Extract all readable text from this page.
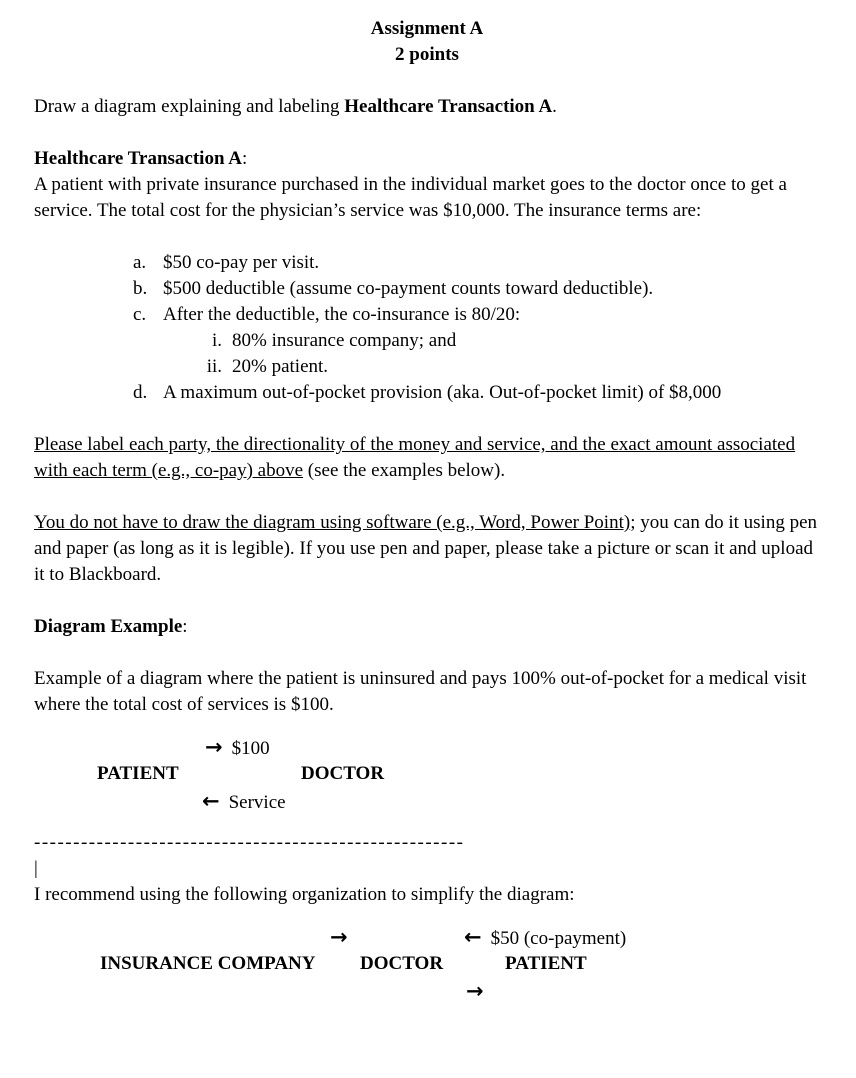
Assignment A
2 points

Draw a diagram explaining and labeling Healthcare Transaction A.

Healthcare Transaction A:
A patient with private insurance purchased in the individual market goes to the doctor once to get a service. The total cost for the physician’s service was $10,000. The insurance terms are:
a. $50 co-pay per visit.
b. $500 deductible (assume co-payment counts toward deductible).
c. After the deductible, the co-insurance is 80/20:
i. 80% insurance company; and
ii. 20% patient.
d. A maximum out-of-pocket provision (aka. Out-of-pocket limit) of $8,000

Please label each party, the directionality of the money and service, and the exact amount associated with each term (e.g., co-pay) above (see the examples below).

You do not have to draw the diagram using software (e.g., Word, Power Point); you can do it using pen and paper (as long as it is legible). If you use pen and paper, please take a picture or scan it and upload it to Blackboard.

Diagram Example:

Example of a diagram where the patient is uninsured and pays 100% out-of-pocket for a medical visit where the total cost of services is $100.

→ $100
PATIENT	DOCTOR
← Service

-------------------------------------------------------

|

I recommend using the following organization to simplify the diagram:

→	← $50 (co-payment)
INSURANCE COMPANY DOCTOR	PATIENT
→
